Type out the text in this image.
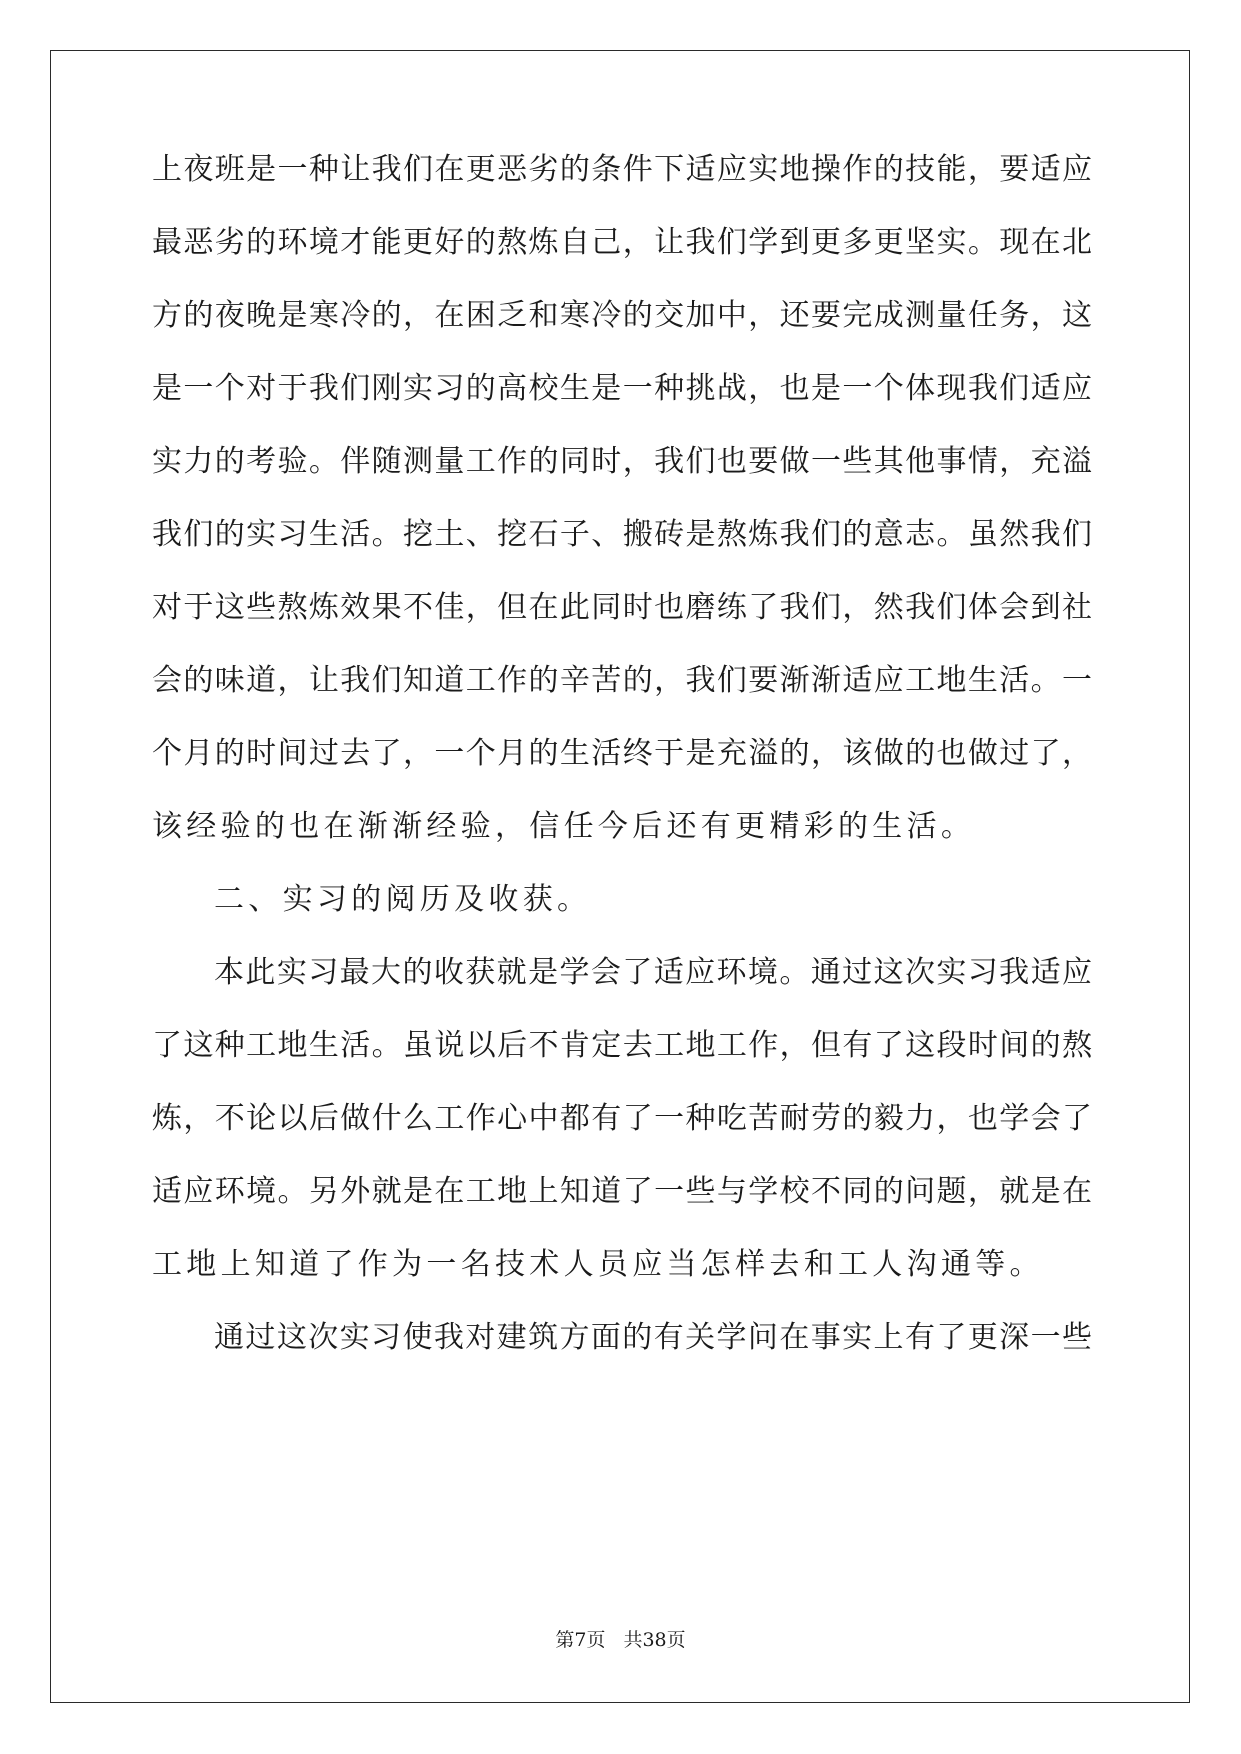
上夜班是一种让我们在更恶劣的条件下适应实地操作的技能，要适应
最恶劣的环境才能更好的熬炼自己，让我们学到更多更坚实。现在北
方的夜晚是寒冷的，在困乏和寒冷的交加中，还要完成测量任务，这
是一个对于我们刚实习的高校生是一种挑战，也是一个体现我们适应
实力的考验。伴随测量工作的同时，我们也要做一些其他事情，充溢
我们的实习生活。挖土、挖石子、搬砖是熬炼我们的意志。虽然我们
对于这些熬炼效果不佳，但在此同时也磨练了我们，然我们体会到社
会的味道，让我们知道工作的辛苦的，我们要渐渐适应工地生活。一
个月的时间过去了，一个月的生活终于是充溢的，该做的也做过了，
该经验的也在渐渐经验，信任今后还有更精彩的生活。
二、实习的阅历及收获。
本此实习最大的收获就是学会了适应环境。通过这次实习我适应
了这种工地生活。虽说以后不肯定去工地工作，但有了这段时间的熬
炼，不论以后做什么工作心中都有了一种吃苦耐劳的毅力，也学会了
适应环境。另外就是在工地上知道了一些与学校不同的问题，就是在
工地上知道了作为一名技术人员应当怎样去和工人沟通等。
通过这次实习使我对建筑方面的有关学问在事实上有了更深一些
第7页 共38页
